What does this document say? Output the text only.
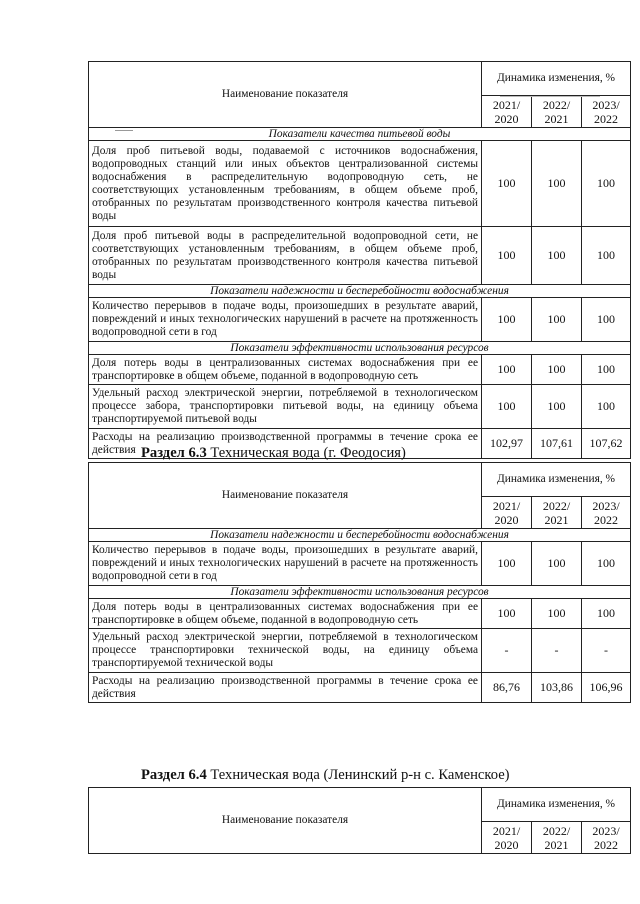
Наименование показателя	Динамика изменения, %		
	2021/ 2020	2022/ 2021	2023/ 2022
Показатели качества питьевой воды			
Доля проб питьевой воды, подаваемой с источников водоснабжения, водопроводных станций или иных объектов централизованной системы водоснабжения в распределительную водопроводную сеть, не соответствующих установленным требованиям, в общем объеме проб, отобранных по результатам производственного контроля качества питьевой воды	100	100	100
Доля проб питьевой воды в распределительной водопроводной сети, не соответствующих установленным требованиям, в общем объеме проб, отобранных по результатам производственного контроля качества питьевой воды	100	100	100
Показатели надежности и бесперебойности водоснабжения			
Количество перерывов в подаче воды, произошедших в результате аварий, повреждений и иных технологических нарушений в расчете на протяженность водопроводной сети в год	100	100	100
Показатели эффективности использования ресурсов			
Доля потерь воды в централизованных системах водоснабжения при ее транспортировке в общем объеме, поданной в водопроводную сеть	100	100	100
Удельный расход электрической энергии, потребляемой в технологическом процессе забора, транспортировки питьевой воды, на единицу объема транспортируемой питьевой воды	100	100	100
Расходы на реализацию производственной программы в течение срока ее действия	102,97	107,61	107,62
Раздел 6.3 Техническая вода (г. Феодосия)
Наименование показателя	Динамика изменения, %		
	2021/ 2020	2022/ 2021	2023/ 2022
Показатели надежности и бесперебойности водоснабжения			
Количество перерывов в подаче воды, произошедших в результате аварий, повреждений и иных технологических нарушений в расчете на протяженность водопроводной сети в год	100	100	100
Показатели эффективности использования ресурсов			
Доля потерь воды в централизованных системах водоснабжения при ее транспортировке в общем объеме, поданной в водопроводную сеть	100	100	100
Удельный расход электрической энергии, потребляемой в технологическом процессе транспортировки технической воды, на единицу объема транспортируемой технической воды	-	-	-
Расходы на реализацию производственной программы в течение срока ее действия	86,76	103,86	106,96
Раздел 6.4 Техническая вода (Ленинский р-н с. Каменское)
Наименование показателя	Динамика изменения, %		
	2021/ 2020	2022/ 2021	2023/ 2022
